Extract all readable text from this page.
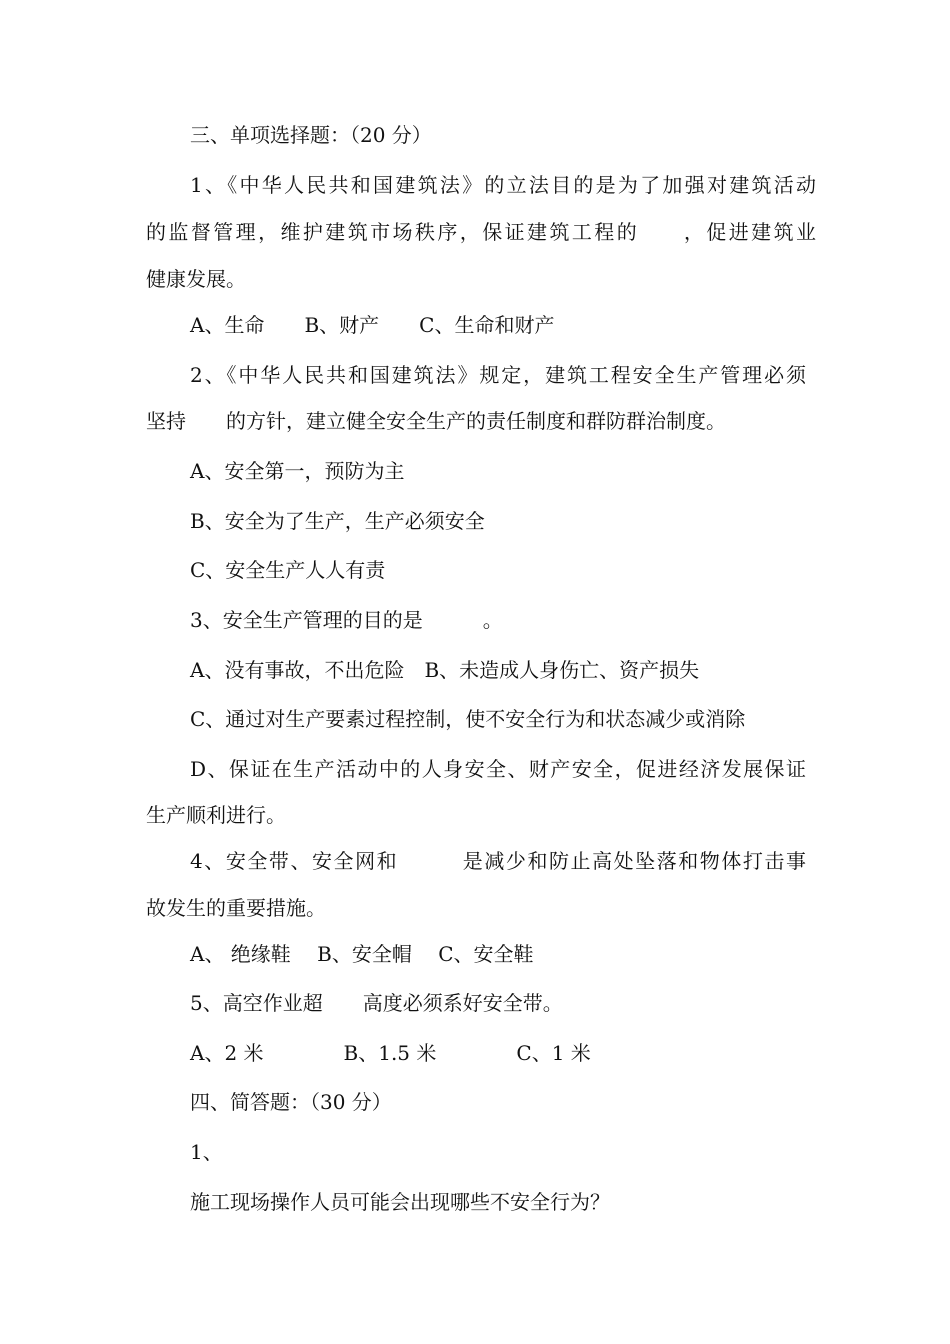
三、单项选择题：（20 分）

1、《中华人民共和国建筑法》的立法目的是为了加强对建筑活动

的监督管理，维护建筑市场秩序，保证建筑工程的　　，促进建筑业

健康发展。

A、生命　　B、财产　　C、生命和财产

2、《中华人民共和国建筑法》规定，建筑工程安全生产管理必须

坚持　　的方针，建立健全安全生产的责任制度和群防群治制度。

A、安全第一，预防为主

B、安全为了生产，生产必须安全

C、安全生产人人有责

3、安全生产管理的目的是　　　。

A、没有事故，不出危险　B、未造成人身伤亡、资产损失

C、通过对生产要素过程控制，使不安全行为和状态减少或消除

D、保证在生产活动中的人身安全、财产安全，促进经济发展保证

生产顺利进行。

4、安全带、安全网和　　　是减少和防止高处坠落和物体打击事

故发生的重要措施。

A、 绝缘鞋　 B、安全帽　 C、安全鞋

5、高空作业超　　高度必须系好安全带。

A、2 米　　　　B、1.5 米　　　　C、1 米

四、简答题：（30 分）

1、

施工现场操作人员可能会出现哪些不安全行为？
